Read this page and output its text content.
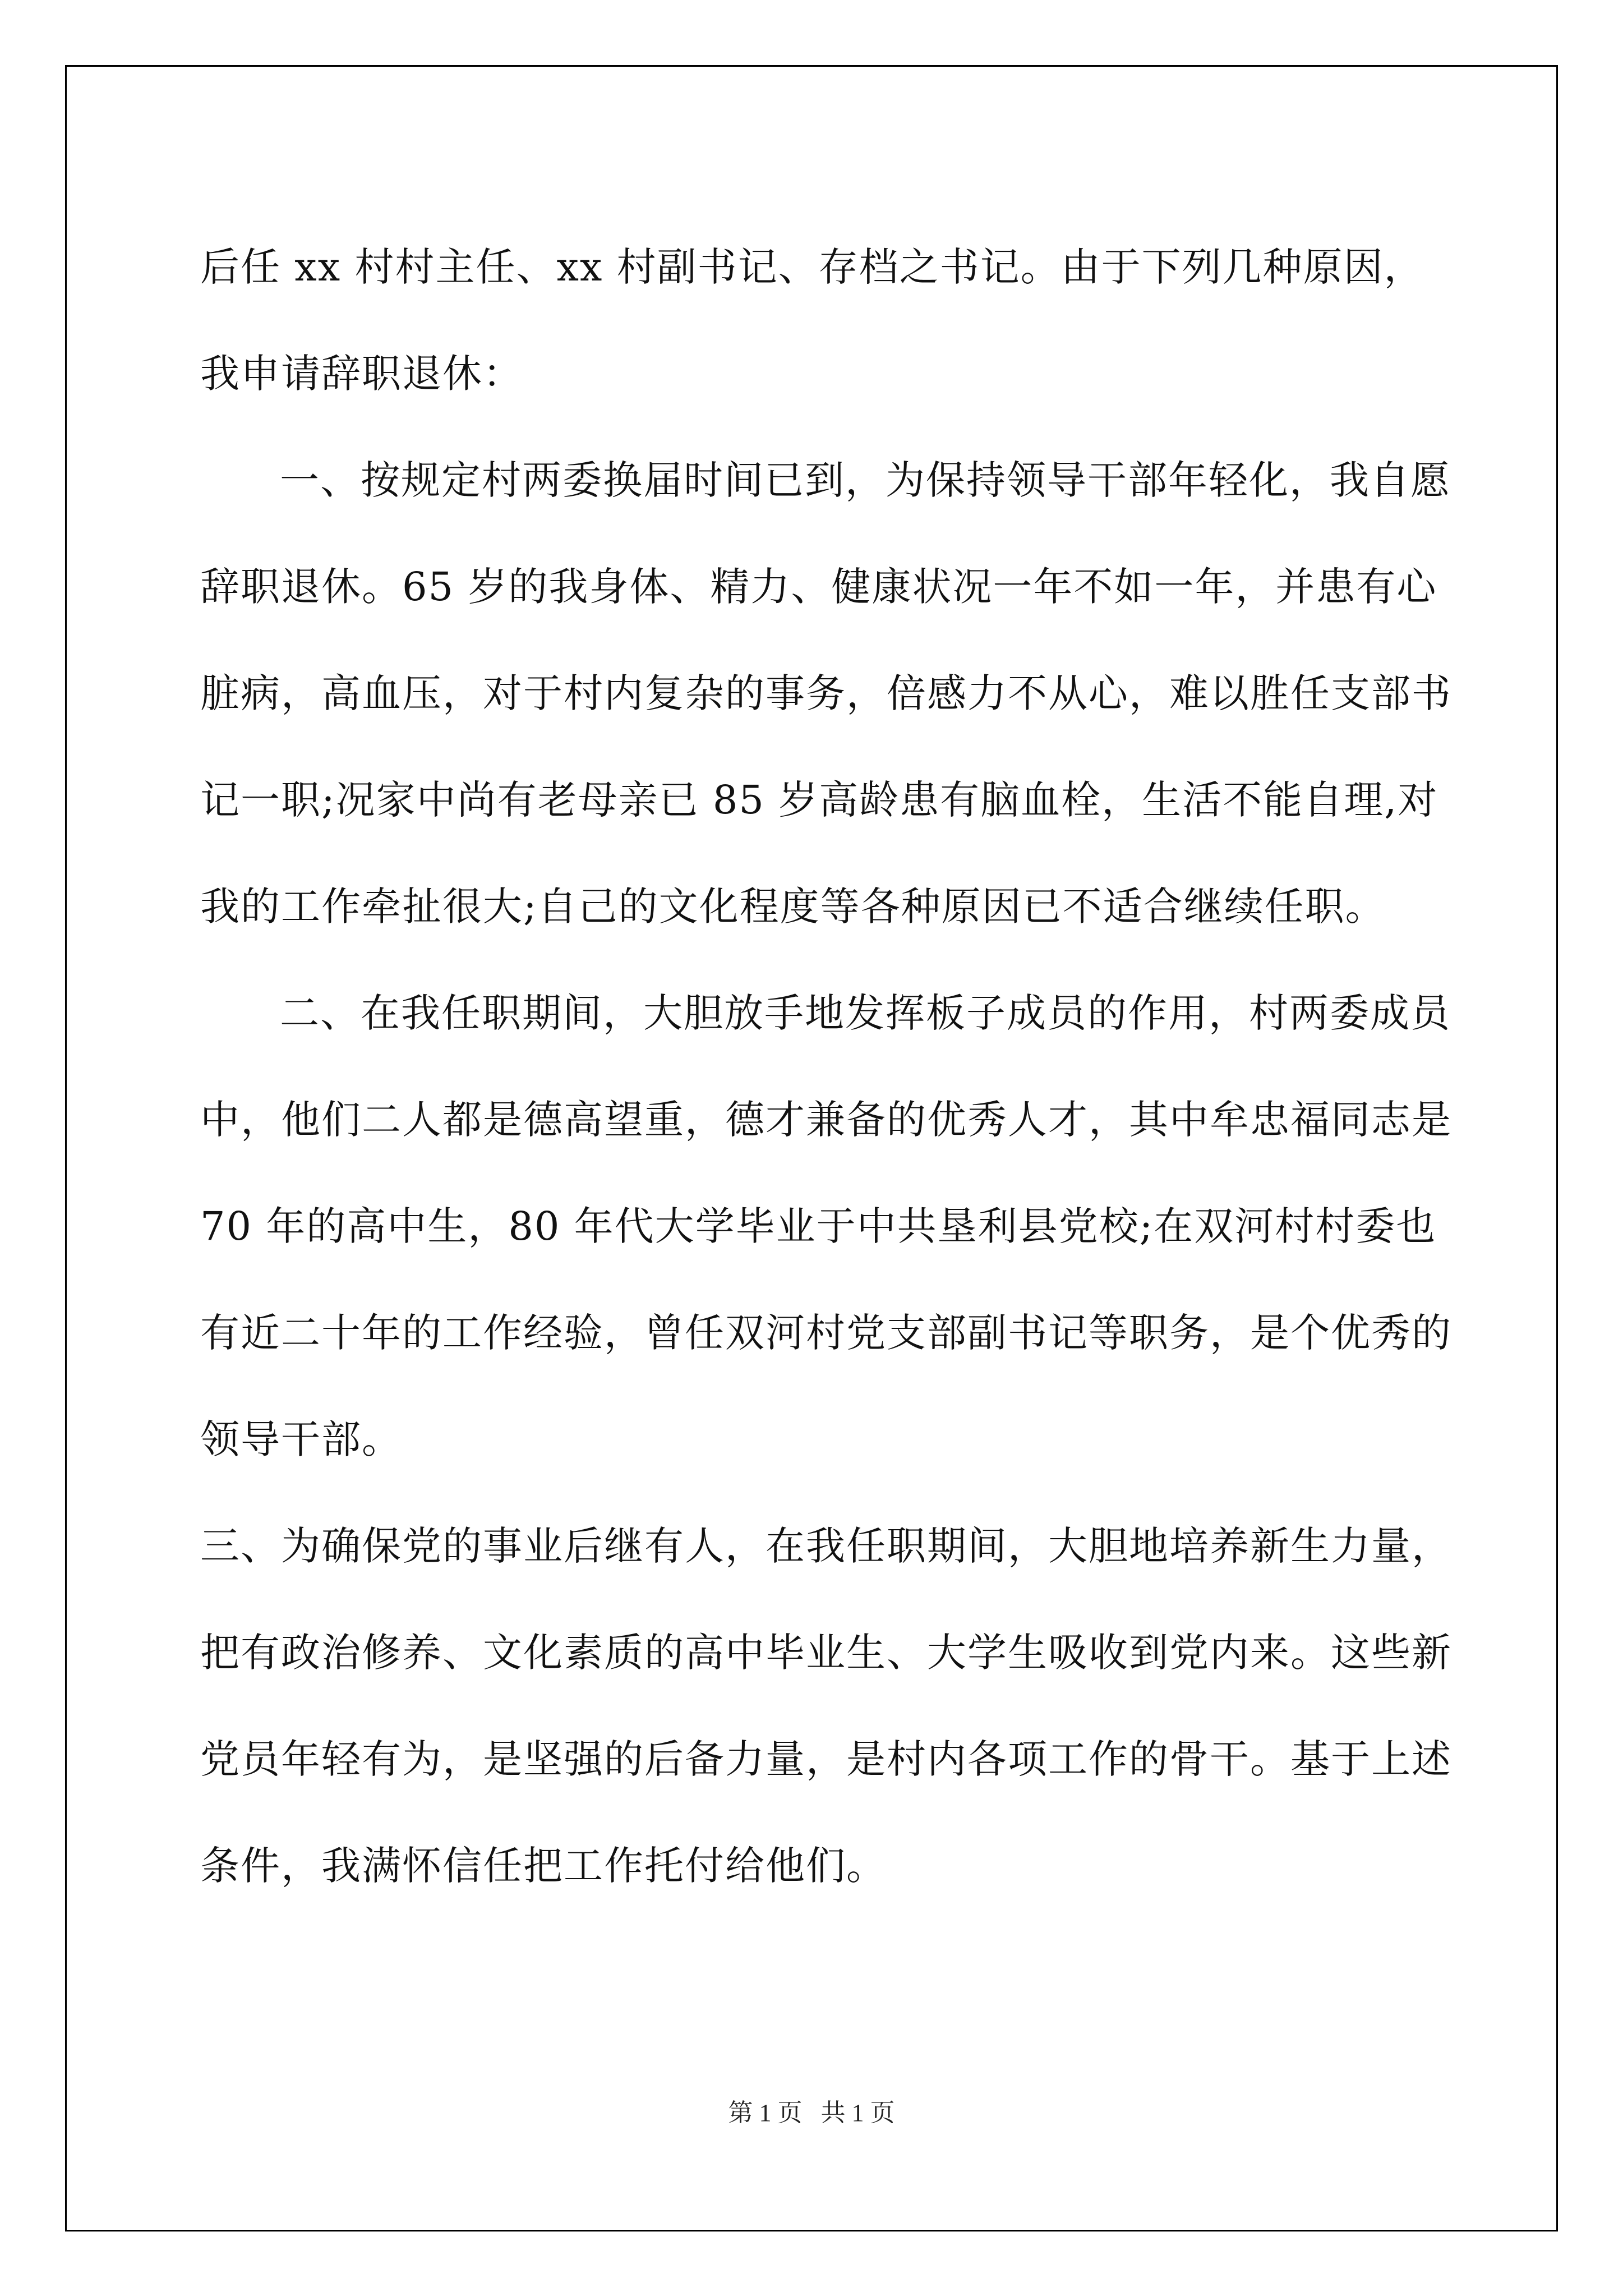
后任 xx 村村主任、xx 村副书记、存档之书记。由于下列几种原因，我申请辞职退休：

一、按规定村两委换届时间已到，为保持领导干部年轻化，我自愿辞职退休。65 岁的我身体、精力、健康状况一年不如一年，并患有心脏病，高血压，对于村内复杂的事务，倍感力不从心，难以胜任支部书记一职;况家中尚有老母亲已 85 岁高龄患有脑血栓，生活不能自理,对我的工作牵扯很大;自己的文化程度等各种原因已不适合继续任职。

二、在我任职期间，大胆放手地发挥板子成员的作用，村两委成员中，他们二人都是德高望重，德才兼备的优秀人才，其中牟忠福同志是 70 年的高中生，80 年代大学毕业于中共垦利县党校;在双河村村委也有近二十年的工作经验，曾任双河村党支部副书记等职务，是个优秀的领导干部。

三、为确保党的事业后继有人，在我任职期间，大胆地培养新生力量，把有政治修养、文化素质的高中毕业生、大学生吸收到党内来。这些新党员年轻有为，是坚强的后备力量，是村内各项工作的骨干。基于上述条件，我满怀信任把工作托付给他们。

第 1 页   共 1 页
